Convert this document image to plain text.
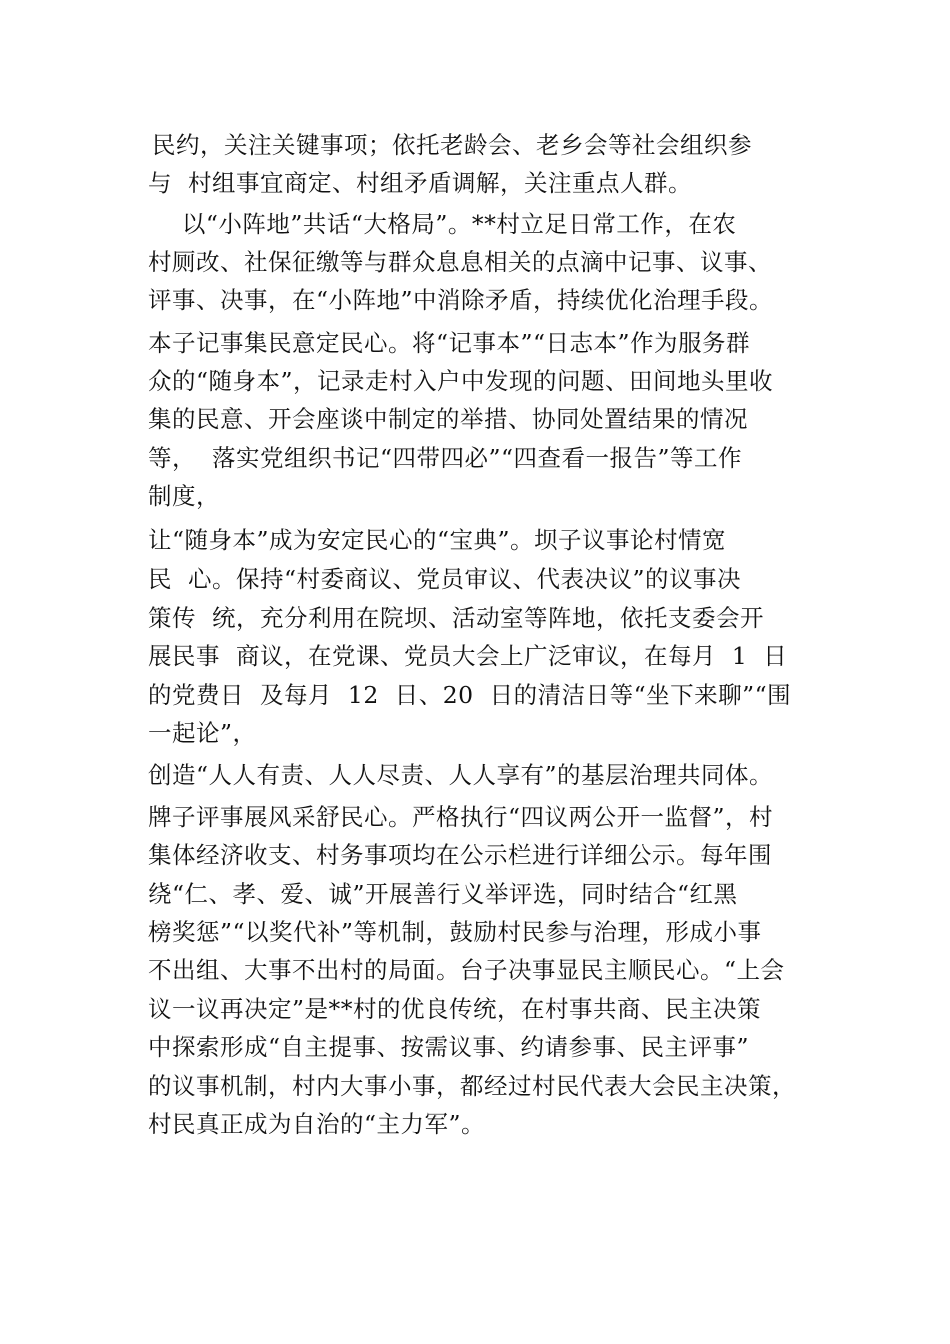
民约，关注关键事项；依托老龄会、老乡会等社会组织参
与  村组事宜商定、村组矛盾调解，关注重点人群。
以“小阵地”共话“大格局”。**村立足日常工作，在农
村厕改、社保征缴等与群众息息相关的点滴中记事、议事、
评事、决事，在“小阵地”中消除矛盾，持续优化治理手段。
本子记事集民意定民心。将“记事本”“日志本”作为服务群
众的“随身本”，记录走村入户中发现的问题、田间地头里收
集的民意、开会座谈中制定的举措、协同处置结果的情况
等，  落实党组织书记“四带四必”“四查看一报告”等工作
制度，
让“随身本”成为安定民心的“宝典”。坝子议事论村情宽
民  心。保持“村委商议、党员审议、代表决议”的议事决
策传  统，充分利用在院坝、活动室等阵地，依托支委会开
展民事  商议，在党课、党员大会上广泛审议，在每月  1  日
的党费日  及每月  12  日、20  日的清洁日等“坐下来聊”“围
一起论”，
创造“人人有责、人人尽责、人人享有”的基层治理共同体。
牌子评事展风采舒民心。严格执行“四议两公开一监督”，村
集体经济收支、村务事项均在公示栏进行详细公示。每年围
绕“仁、孝、爱、诚”开展善行义举评选，同时结合“红黑
榜奖惩”“以奖代补”等机制，鼓励村民参与治理，形成小事
不出组、大事不出村的局面。台子决事显民主顺民心。“上会
议一议再决定”是**村的优良传统，在村事共商、民主决策
中探索形成“自主提事、按需议事、约请参事、民主评事”
的议事机制，村内大事小事，都经过村民代表大会民主决策，
村民真正成为自治的“主力军”。
